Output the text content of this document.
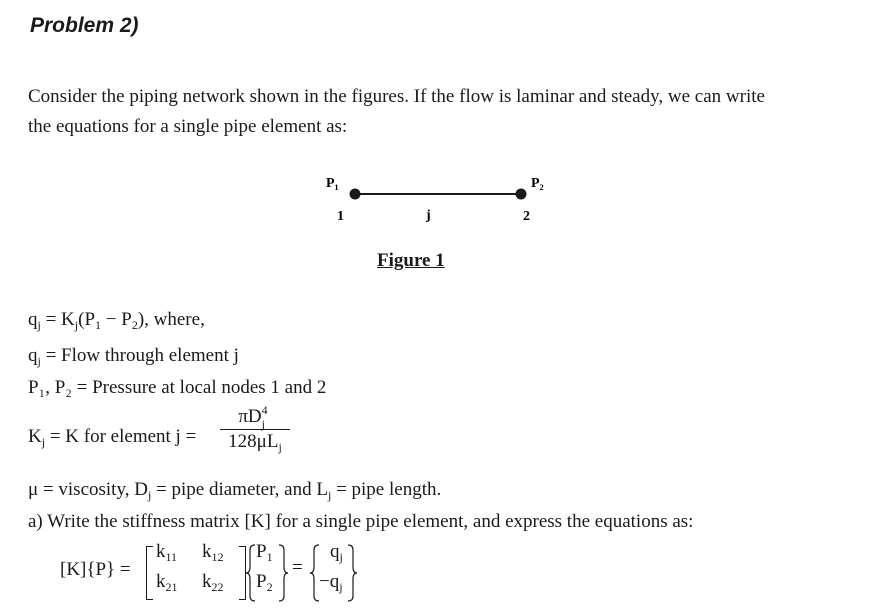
Problem 2)
Consider the piping network shown in the figures. If the flow is laminar and steady, we can write
the equations for a single pipe element as:
P₁	P₂
1	2
j
Figure 1
$q_j = K_j(P_1 - P_2)$, where,
$q_j$ = Flow through element j
P₁, P₂ = Pressure at local nodes 1 and 2
$K_j = K$ for element j =
πD 4
j
$128\mu L_j$
μ = viscosity, $D_j$ = pipe diameter, and $L_j$ = pipe length.
a) Write the stiffness matrix [K] for a single pipe element, and express the equations as:
[K]{P} =
$k_{11}$ $k_{12}$
$k_{21}$ $k_{22}$
$P_1$
$P_2$
=
$q_j$
$-q_j$
